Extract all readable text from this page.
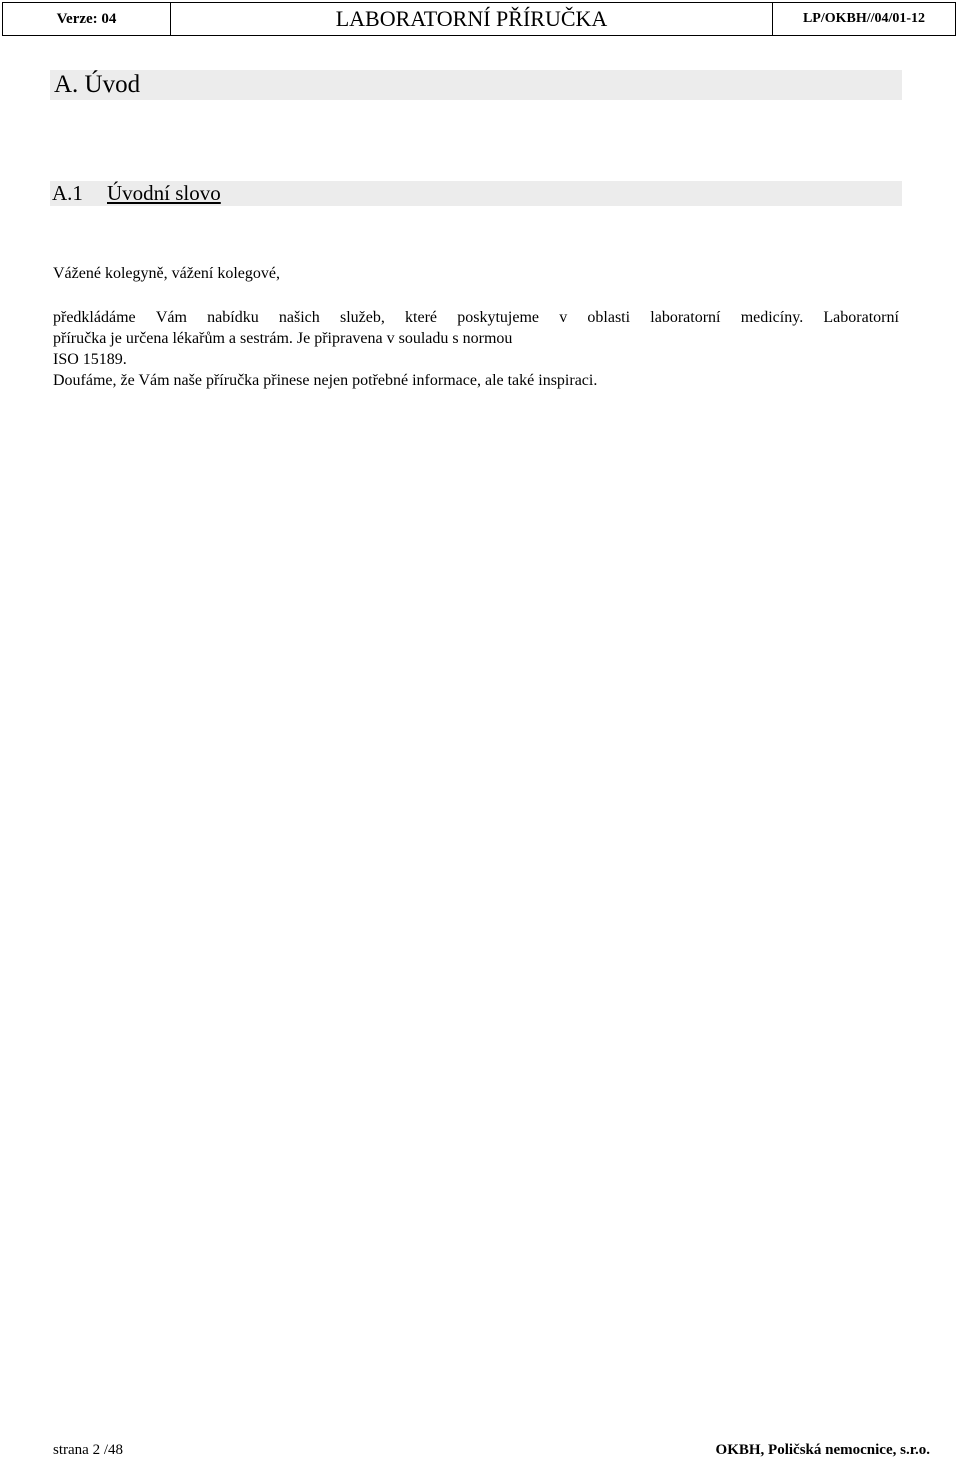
Verze: 04	LABORATORNÍ PŘÍRUČKA	LP/OKBH//04/01-12
A. Úvod
A.1 Úvodní slovo
Vážené kolegyně, vážení kolegové,
předkládáme Vám nabídku našich služeb, které poskytujeme v oblasti laboratorní medicíny. Laboratorní
příručka je určena lékařům a sestrám. Je připravena v souladu s normou
ISO 15189.
Doufáme, že Vám naše příručka přinese nejen potřebné informace, ale také inspiraci.
strana 2 /48	OKBH, Poličská nemocnice, s.r.o.
